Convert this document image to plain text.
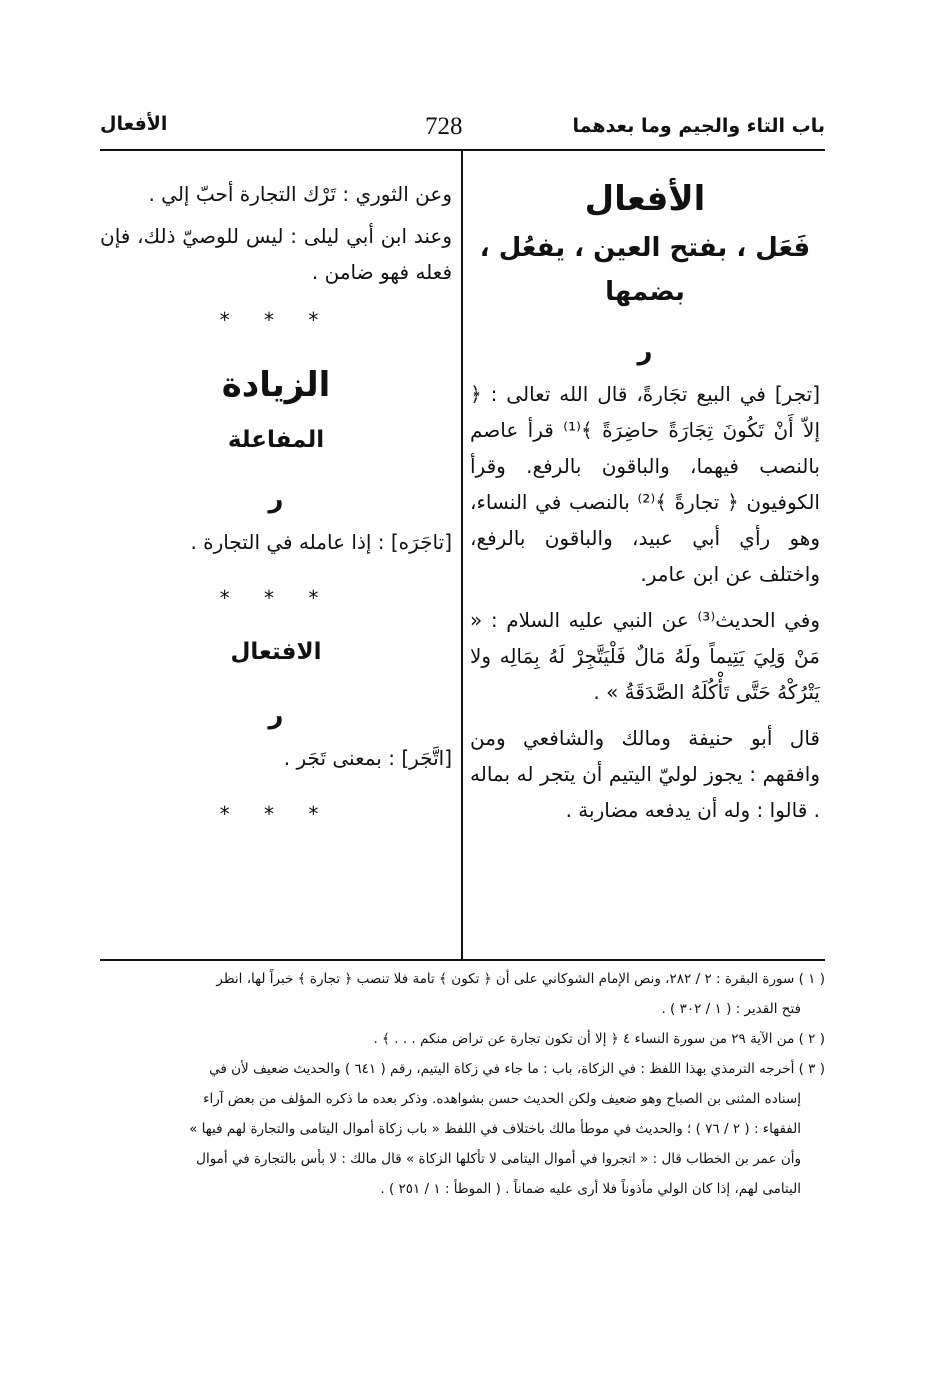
باب التاء والجيم وما بعدهما
728
الأفعال
الأفعال
فَعَل ، بفتح العين ، يفعُل ، بضمها
ر
[تجر] في البيع تجَارةً، قال الله تعالى : ﴿ إلاّ أَنْ تَكُونَ تِجَارَةً حاضِرَةً ﴾⁽¹⁾ قرأ عاصم بالنصب فيهما، والباقون بالرفع. وقرأ الكوفيون ﴿ تجارةً ﴾⁽²⁾ بالنصب في النساء، وهو رأي أبي عبيد، والباقون بالرفع، واختلف عن ابن عامر.
وفي الحديث⁽³⁾ عن النبي عليه السلام : « مَنْ وَلِيَ يَتِيماً ولَهُ مَالٌ فَلْيَتَّجِرْ لَهُ بِمَالِه ولا يَتْرُكْهُ حَتَّى تَأْكُلَهُ الصَّدَقَةُ » .
قال أبو حنيفة ومالك والشافعي ومن وافقهم : يجوز لوليّ اليتيم أن يتجر له بماله . قالوا : وله أن يدفعه مضاربة .
وعن الثوري : تَرْك التجارة أحبّ إلي .
وعند ابن أبي ليلى : ليس للوصيّ ذلك، فإن فعله فهو ضامن .
* * *
الزيادة
المفاعلة
ر
[تاجَرَه] : إذا عامله في التجارة .
* * *
الافتعال
ر
[اتَّجَر] : بمعنى تَجَر .
* * *

( ١ ) سورة البقرة : ٢ / ٢٨٢، ونص الإمام الشوكاني على أن ﴿ تكون ﴾ تامة فلا تنصب ﴿ تجارة ﴾ خبراً لها، انظر

فتح القدير : ( ١ / ٣٠٢ ) .

( ٢ ) من الآية ٢٩ من سورة النساء ٤ ﴿ إلا أن تكون تجارة عن تراض منكم . . . ﴾ .

( ٣ ) أخرجه الترمذي بهذا اللفظ : في الزكاة، باب : ما جاء في زكاة اليتيم، رقم ( ٦٤١ ) والحديث ضعيف لأن في

إسناده المثنى بن الصباح وهو ضعيف ولكن الحديث حسن بشواهده. وذكر بعده ما ذكره المؤلف من بعض آراء

الفقهاء : ( ٢ / ٧٦ ) ؛ والحديث في موطأ مالك باختلاف في اللفظ « باب زكاة أموال اليتامى والتجارة لهم فيها »

وأن عمر بن الخطاب قال : « اتجروا في أموال اليتامى لا تأكلها الزكاة » قال مالك : لا بأس بالتجارة في أموال

اليتامى لهم، إذا كان الولي مأذوناً فلا أرى عليه ضماناً . ( الموطأ : ١ / ٢٥١ ) .
